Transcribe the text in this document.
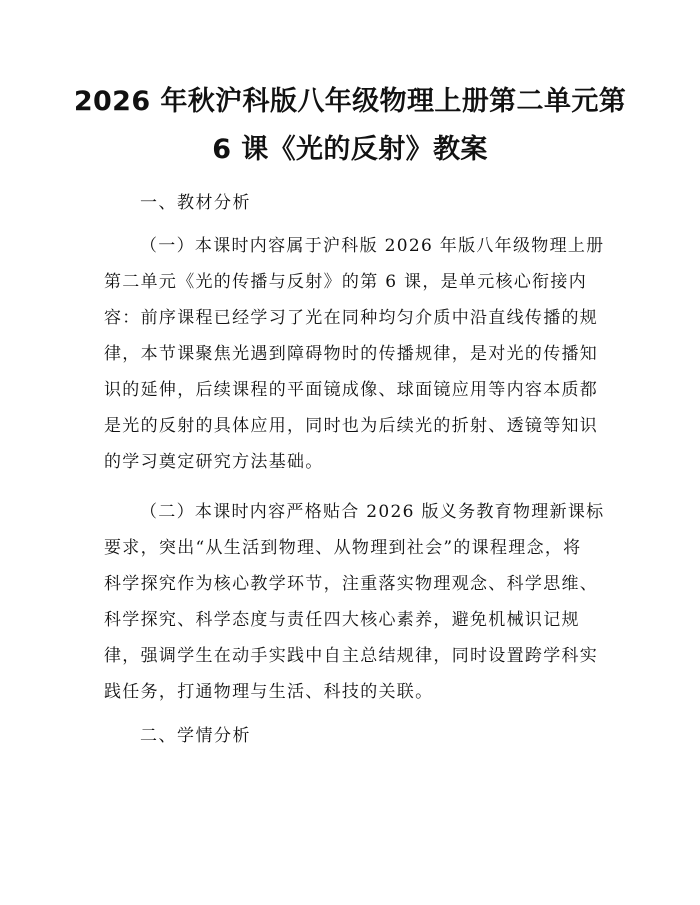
2026 年秋沪科版八年级物理上册第二单元第
6 课《光的反射》教案
一、教材分析
（一）本课时内容属于沪科版 2026 年版八年级物理上册
第二单元《光的传播与反射》的第 6 课，是单元核心衔接内
容：前序课程已经学习了光在同种均匀介质中沿直线传播的规
律，本节课聚焦光遇到障碍物时的传播规律，是对光的传播知
识的延伸，后续课程的平面镜成像、球面镜应用等内容本质都
是光的反射的具体应用，同时也为后续光的折射、透镜等知识
的学习奠定研究方法基础。
（二）本课时内容严格贴合 2026 版义务教育物理新课标
要求，突出“从生活到物理、从物理到社会”的课程理念，将
科学探究作为核心教学环节，注重落实物理观念、科学思维、
科学探究、科学态度与责任四大核心素养，避免机械识记规
律，强调学生在动手实践中自主总结规律，同时设置跨学科实
践任务，打通物理与生活、科技的关联。
二、学情分析
